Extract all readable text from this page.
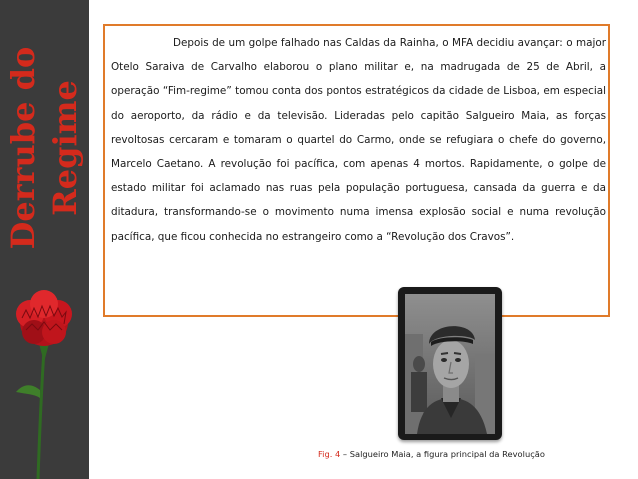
Derrube do Regime

Depois de um golpe falhado nas Caldas da Rainha, o MFA decidiu avançar: o major Otelo Saraiva de Carvalho elaborou o plano militar e, na madrugada de 25 de Abril, a operação “Fim-regime” tomou conta dos pontos estratégicos da cidade de Lisboa, em especial do aeroporto, da rádio e da televisão. Lideradas pelo capitão Salgueiro Maia, as forças revoltosas cercaram e tomaram o quartel do Carmo, onde se refugiara o chefe do governo, Marcelo Caetano. A revolução foi pacífica, com apenas 4 mortos. Rapidamente, o golpe de estado militar foi aclamado nas ruas pela população portuguesa, cansada da guerra e da ditadura, transformando-se o movimento numa imensa explosão social e numa revolução pacífica, que ficou conhecida no estrangeiro como a “Revolução dos Cravos”.

Fig. 4 – Salgueiro Maia, a figura principal da Revolução
